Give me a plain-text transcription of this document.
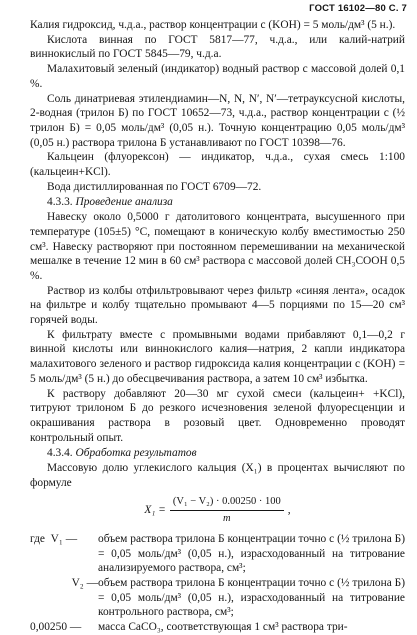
ГОСТ 16102—80 С. 7

Калия гидроксид, ч.д.а., раствор концентрации c (KOH) = 5 моль/дм³ (5 н.).

Кислота винная по ГОСТ 5817—77, ч.д.а., или калий-натрий виннокислый по ГОСТ 5845—79, ч.д.а.

Малахитовый зеленый (индикатор) водный раствор с массовой долей 0,1 %.

Соль динатриевая этилендиамин—N, N, N′, N′—тетрауксусной кислоты, 2-водная (трилон Б) по ГОСТ 10652—73, ч.д.а., раствор концентрации c (½ трилон Б) = 0,05 моль/дм³ (0,05 н.). Точную концентрацию 0,05 моль/дм³ (0,05 н.) раствора трилона Б устанавливают по ГОСТ 10398—76.

Кальцеин (флуорексон) — индикатор, ч.д.а., сухая смесь 1:100 (кальцеин+KCl).

Вода дистиллированная по ГОСТ 6709—72.

4.3.3. Проведение анализа

Навеску около 0,5000 г датолитового концентрата, высушенного при температуре (105±5) °С, помещают в коническую колбу вместимостью 250 см³. Навеску растворяют при постоянном перемешивании на механической мешалке в течение 12 мин в 60 см³ раствора с массовой долей CH₃COOH 0,5 %.

Раствор из колбы отфильтровывают через фильтр «синяя лента», осадок на фильтре и колбу тщательно промывают 4—5 порциями по 15—20 см³ горячей воды.

К фильтрату вместе с промывными водами прибавляют 0,1—0,2 г винной кислоты или виннокислого калия—натрия, 2 капли индикатора малахитового зеленого и раствор гидроксида калия концентрации c (KOH) = 5 моль/дм³ (5 н.) до обесцвечивания раствора, а затем 10 см³ избытка.

К раствору добавляют 20—30 мг сухой смеси (кальцеин+ +KCl), титруют трилоном Б до резкого исчезновения зеленой флуоресценции и окрашивания раствора в розовый цвет. Одновременно проводят контрольный опыт.

4.3.4. Обработка результатов

Массовую долю углекислого кальция (X₁) в процентах вычисляют по формуле

$X_1 = \frac{\text{(V₁ − V₂) · 0.00250 · 100}}{m}$ ,
где  V₁ —	объем раствора трилона Б концентрации точно c (½ трилона Б) = 0,05 моль/дм³ (0,05 н.), израсходованный на титрование анализируемого раствора, см³;
V₂ — объем раствора трилона Б концентрации точно c (½ трилона Б) = 0,05 моль/дм³ (0,05 н.), израсходованный на титрование контрольного раствора, см³;
0,00250 —	масса CaCO₃, соответствующая 1 см³ раствора три-
